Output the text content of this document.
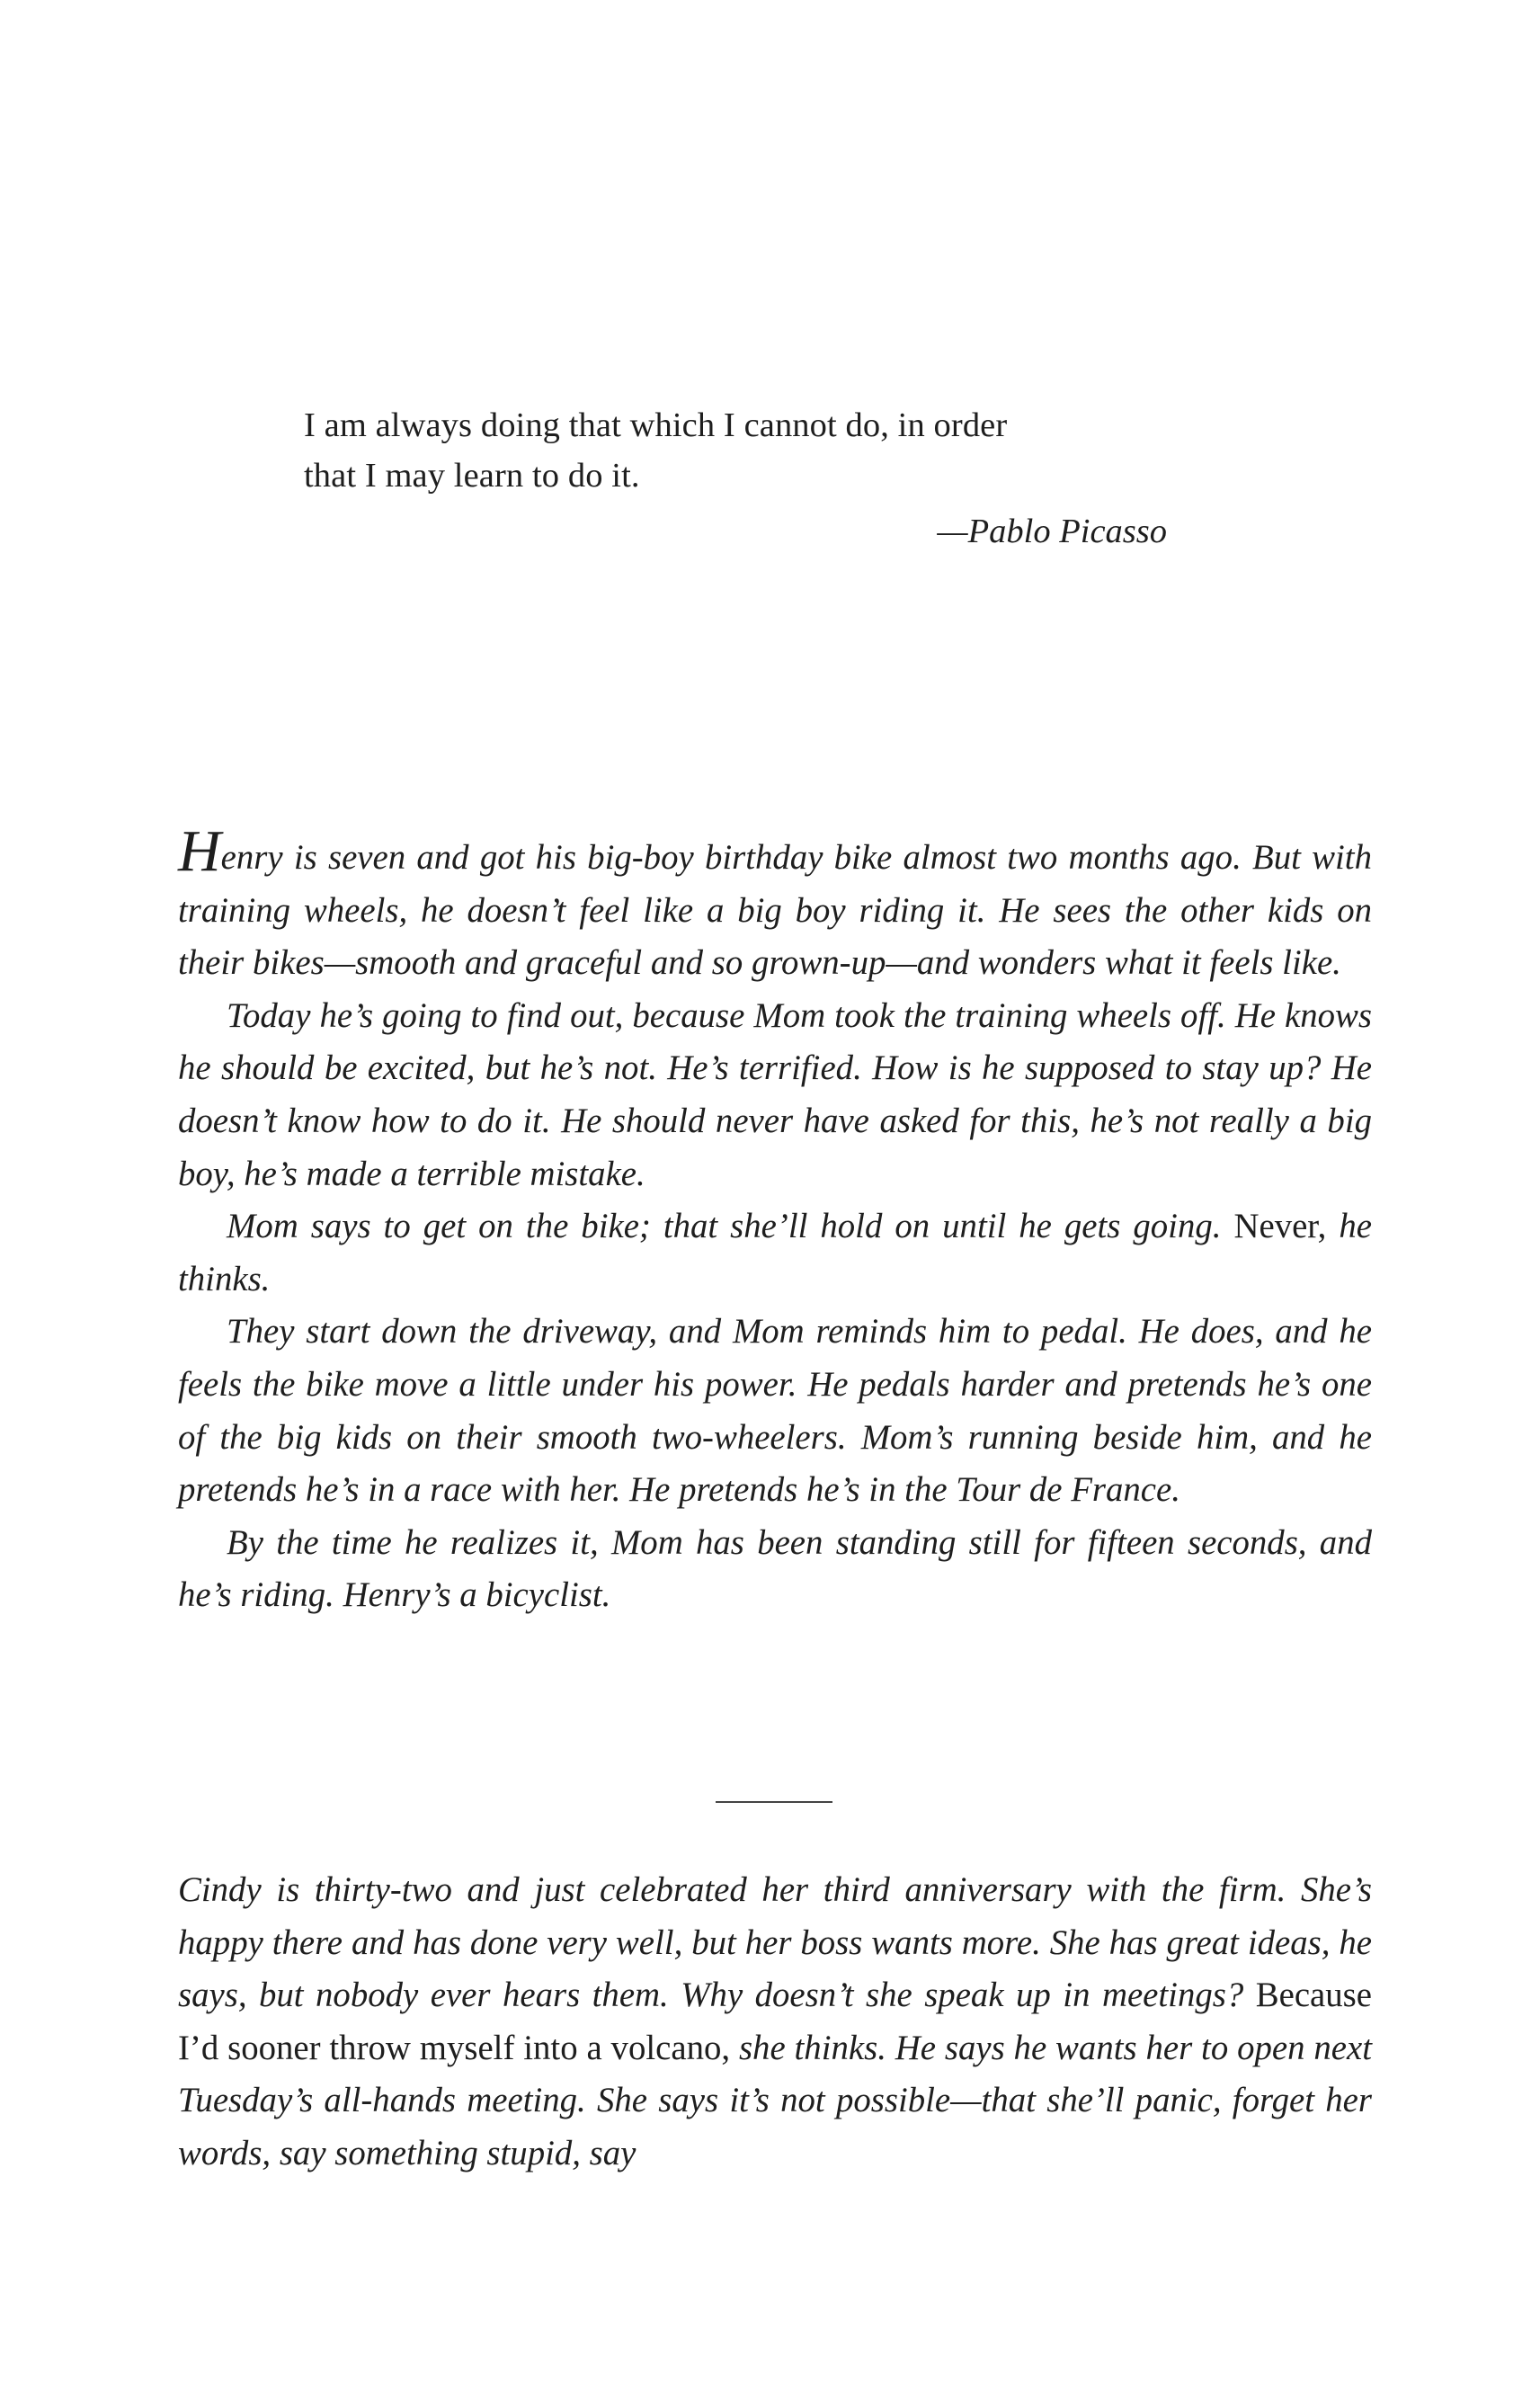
I am always doing that which I cannot do, in order
that I may learn to do it.
—Pablo Picasso

Henry is seven and got his big-boy birthday bike almost two months ago. But with training wheels, he doesn’t feel like a big boy riding it. He sees the other kids on their bikes—smooth and graceful and so grown-up—and wonders what it feels like.

Today he’s going to find out, because Mom took the training wheels off. He knows he should be excited, but he’s not. He’s terrified. How is he supposed to stay up? He doesn’t know how to do it. He should never have asked for this, he’s not really a big boy, he’s made a terrible mistake.

Mom says to get on the bike; that she’ll hold on until he gets going. Never, he thinks.

They start down the driveway, and Mom reminds him to pedal. He does, and he feels the bike move a little under his power. He pedals harder and pretends he’s one of the big kids on their smooth two-wheelers. Mom’s running beside him, and he pretends he’s in a race with her. He pretends he’s in the Tour de France.

By the time he realizes it, Mom has been standing still for fifteen seconds, and he’s riding. Henry’s a bicyclist.

Cindy is thirty-two and just celebrated her third anniversary with the firm. She’s happy there and has done very well, but her boss wants more. She has great ideas, he says, but nobody ever hears them. Why doesn’t she speak up in meetings? Because I’d sooner throw myself into a volcano, she thinks. He says he wants her to open next Tuesday’s all-hands meeting. She says it’s not possible—that she’ll panic, forget her words, say something stupid, say
